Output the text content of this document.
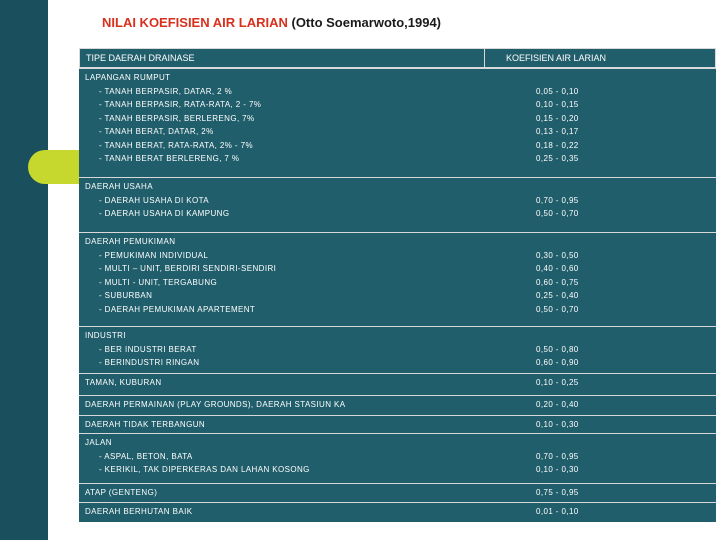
NILAI KOEFISIEN AIR LARIAN (Otto Soemarwoto,1994)
TIPE DAERAH DRAINASE	KOEFISIEN AIR LARIAN
LAPANGAN RUMPUT
- TANAH BERPASIR, DATAR, 2 %	0,05 - 0,10
- TANAH BERPASIR, RATA-RATA, 2 - 7%	0,10 - 0,15
- TANAH BERPASIR, BERLERENG, 7%	0,15 - 0,20
- TANAH BERAT, DATAR, 2%	0,13 - 0,17
- TANAH BERAT, RATA-RATA, 2% - 7%	0,18 - 0,22
- TANAH BERAT BERLERENG, 7 %	0,25 - 0,35
DAERAH USAHA
- DAERAH USAHA DI KOTA	0,70 - 0,95
- DAERAH USAHA DI KAMPUNG	0,50 - 0,70
DAERAH PEMUKIMAN
- PEMUKIMAN INDIVIDUAL	0,30 - 0,50
- MULTI – UNIT, BERDIRI SENDIRI-SENDIRI	0,40 - 0,60
- MULTI - UNIT, TERGABUNG	0,60 - 0,75
- SUBURBAN	0,25 - 0,40
- DAERAH PEMUKIMAN APARTEMENT	0,50 - 0,70
INDUSTRI
- BER INDUSTRI BERAT	0,50 - 0,80
- BERINDUSTRI RINGAN	0,60 - 0,90
TAMAN, KUBURAN	0,10 - 0,25
DAERAH PERMAINAN (PLAY GROUNDS), DAERAH STASIUN KA	0,20 - 0,40
DAERAH TIDAK TERBANGUN	0,10 - 0,30
JALAN
- ASPAL, BETON, BATA	0,70 - 0,95
- KERIKIL, TAK DIPERKERAS DAN LAHAN KOSONG	0,10 - 0,30
ATAP (GENTENG)	0,75 - 0,95
DAERAH BERHUTAN BAIK	0,01 - 0,10
